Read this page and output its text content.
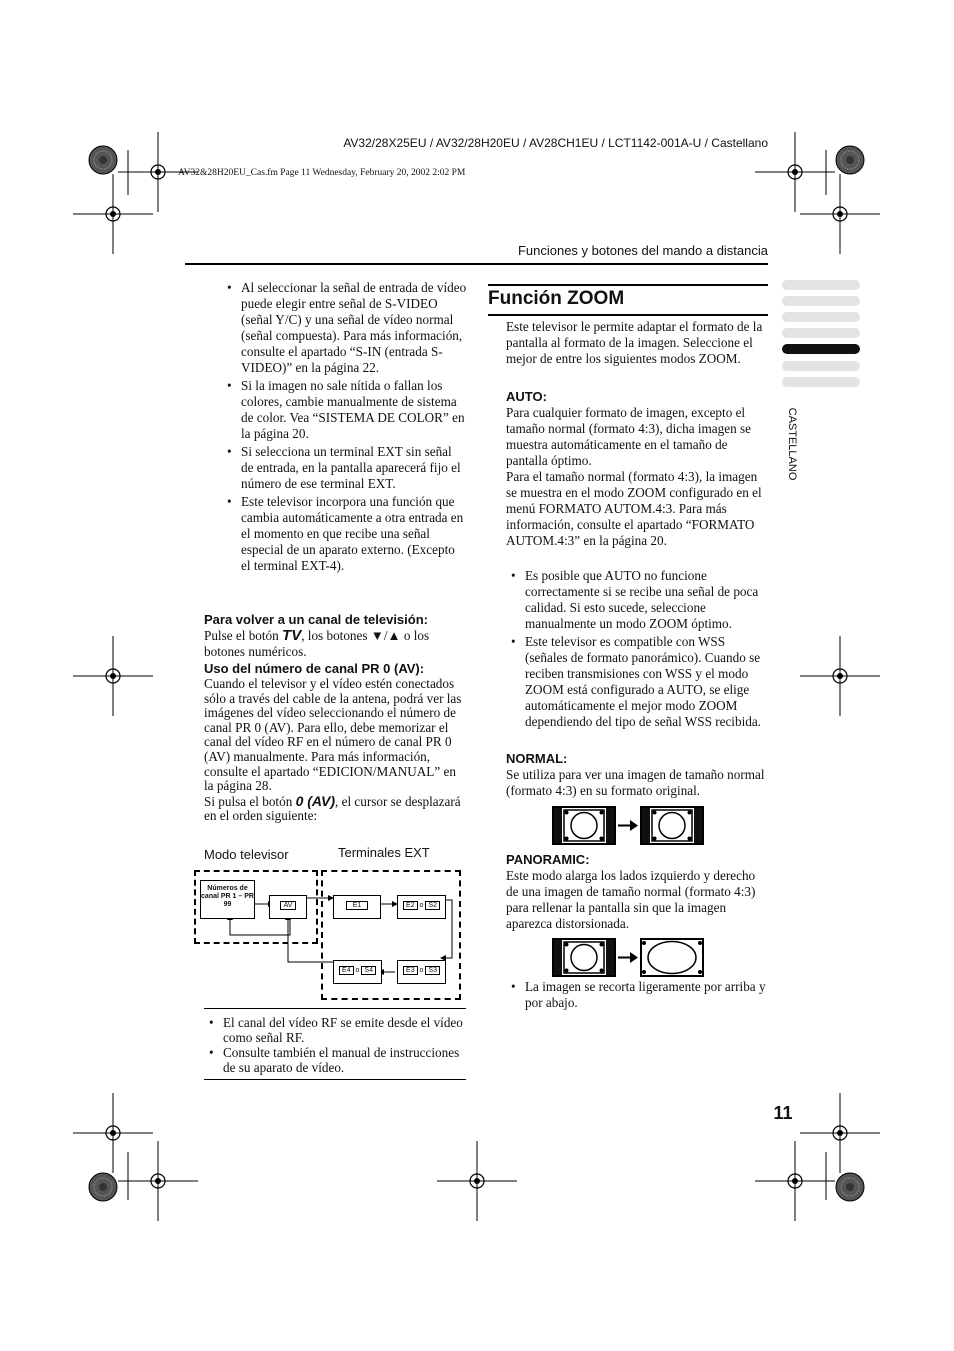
AV32/28X25EU / AV32/28H20EU / AV28CH1EU / LCT1142-001A-U / Castellano
AV32&28H20EU_Cas.fm Page 11 Wednesday, February 20, 2002 2:02 PM
Funciones y botones del mando a distancia
CASTELLANO
• Al seleccionar la señal de entrada de vídeo puede elegir entre señal de S-VIDEO (señal Y/C) y una señal de vídeo normal (señal compuesta). Para más información, consulte el apartado “S-IN (entrada S-VIDEO)” en la página 22.
• Si la imagen no sale nítida o fallan los colores, cambie manualmente de sistema de color. Vea “SISTEMA DE COLOR” en la página 20.
• Si selecciona un terminal EXT sin señal de entrada, en la pantalla aparecerá fijo el número de ese terminal EXT.
• Este televisor incorpora una función que cambia automáticamente a otra entrada en el momento en que recibe una señal especial de un aparato externo. (Excepto el terminal EXT-4).
Para volver a un canal de televisión:
Pulse el botón TV, los botones ▼/▲ o los botones numéricos.
Uso del número de canal PR 0 (AV):
Cuando el televisor y el vídeo estén conectados sólo a través del cable de la antena, podrá ver las imágenes del vídeo seleccionando el número de canal PR 0 (AV). Para ello, debe memorizar el canal del vídeo RF en el número de canal PR 0 (AV) manualmente. Para más información, consulte el apartado “EDICION/MANUAL” en la página 28.
Si pulsa el botón 0 (AV), el cursor se desplazará en el orden siguiente:
Modo televisor	Terminales EXT
Números de canal PR 1 – PR 99	AV	E1	E2 o S2
E4 o S4	E3 o S3
• El canal del vídeo RF se emite desde el vídeo como señal RF.
• Consulte también el manual de instrucciones de su aparato de vídeo.
Función ZOOM
Este televisor le permite adaptar el formato de la pantalla al formato de la imagen. Seleccione el mejor de entre los siguientes modos ZOOM.
AUTO:
Para cualquier formato de imagen, excepto el tamaño normal (formato 4:3), dicha imagen se muestra automáticamente en el tamaño de pantalla óptimo.
Para el tamaño normal (formato 4:3), la imagen se muestra en el modo ZOOM configurado en el menú FORMATO AUTOM.4:3. Para más información, consulte el apartado “FORMATO AUTOM.4:3” en la página 20.
• Es posible que AUTO no funcione correctamente si se recibe una señal de poca calidad. Si esto sucede, seleccione manualmente un modo ZOOM óptimo.
• Este televisor es compatible con WSS (señales de formato panorámico). Cuando se reciben transmisiones con WSS y el modo ZOOM está configurado a AUTO, se elige automáticamente el mejor modo ZOOM dependiendo del tipo de señal WSS recibida.
NORMAL:
Se utiliza para ver una imagen de tamaño normal (formato 4:3) en su formato original.
PANORAMIC:
Este modo alarga los lados izquierdo y derecho de una imagen de tamaño normal (formato 4:3) para rellenar la pantalla sin que la imagen aparezca distorsionada.
• La imagen se recorta ligeramente por arriba y por abajo.
11
